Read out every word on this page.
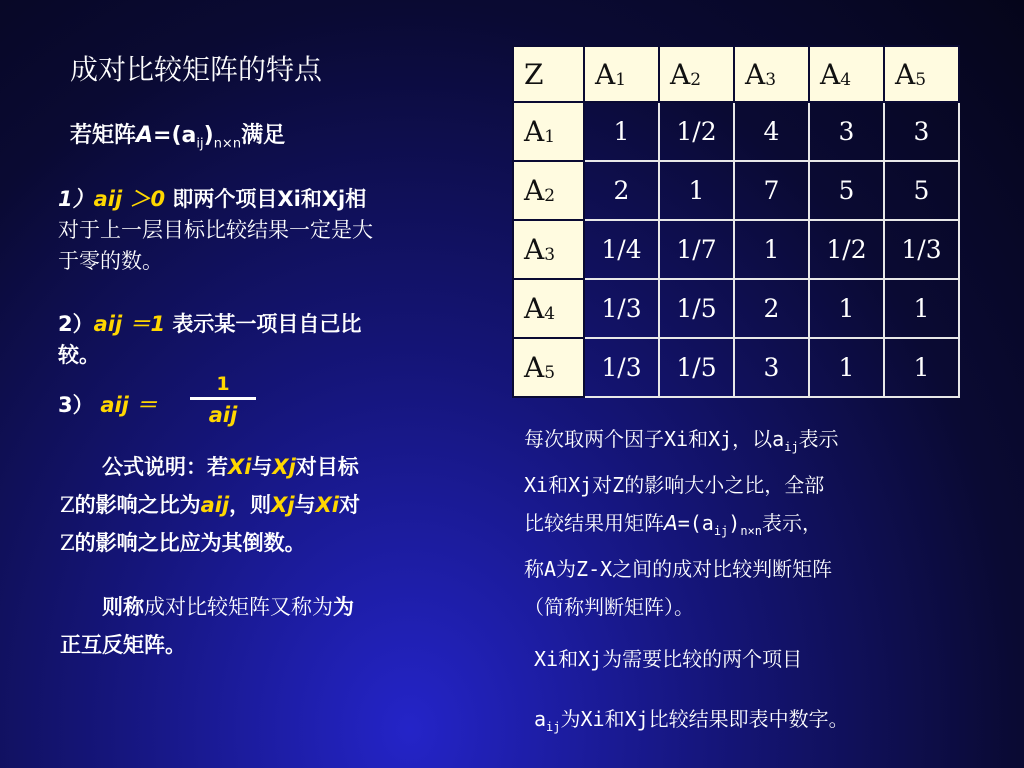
成对比较矩阵的特点
若矩阵$A=(a_{ij})_{n\times n}$满足
1）aij ＞0 即两个项目Xi和Xj相
对于上一层目标比较结果一定是大
于零的数。
2）aij ＝1 表示某一项目自己比
较。
3） aij ＝
1
aij
　　公式说明：若Xi与Xj对目标
Z的影响之比为aij，则Xj与Xi对
Z的影响之比应为其倒数。
　　则称成对比较矩阵又称为为
正互反矩阵。
Z	A1	A2	A3	A4	A5
A1	1	1/2	4	3	3
A2	2	1	7	5	5
A3	1/4	1/7	1	1/2	1/3
A4	1/3	1/5	2	1	1
A5	1/3	1/5	3	1	1
每次取两个因子Xi和Xj，以$a_{ij}$表示
Xi和Xj对Z的影响大小之比，全部
比较结果用矩阵$A=(a_{ij})_{n\times n}$表示，
称A为Z-X之间的成对比较判断矩阵
（简称判断矩阵）。
Xi和Xj为需要比较的两个项目
$a_{ij}$为Xi和Xj比较结果即表中数字。
